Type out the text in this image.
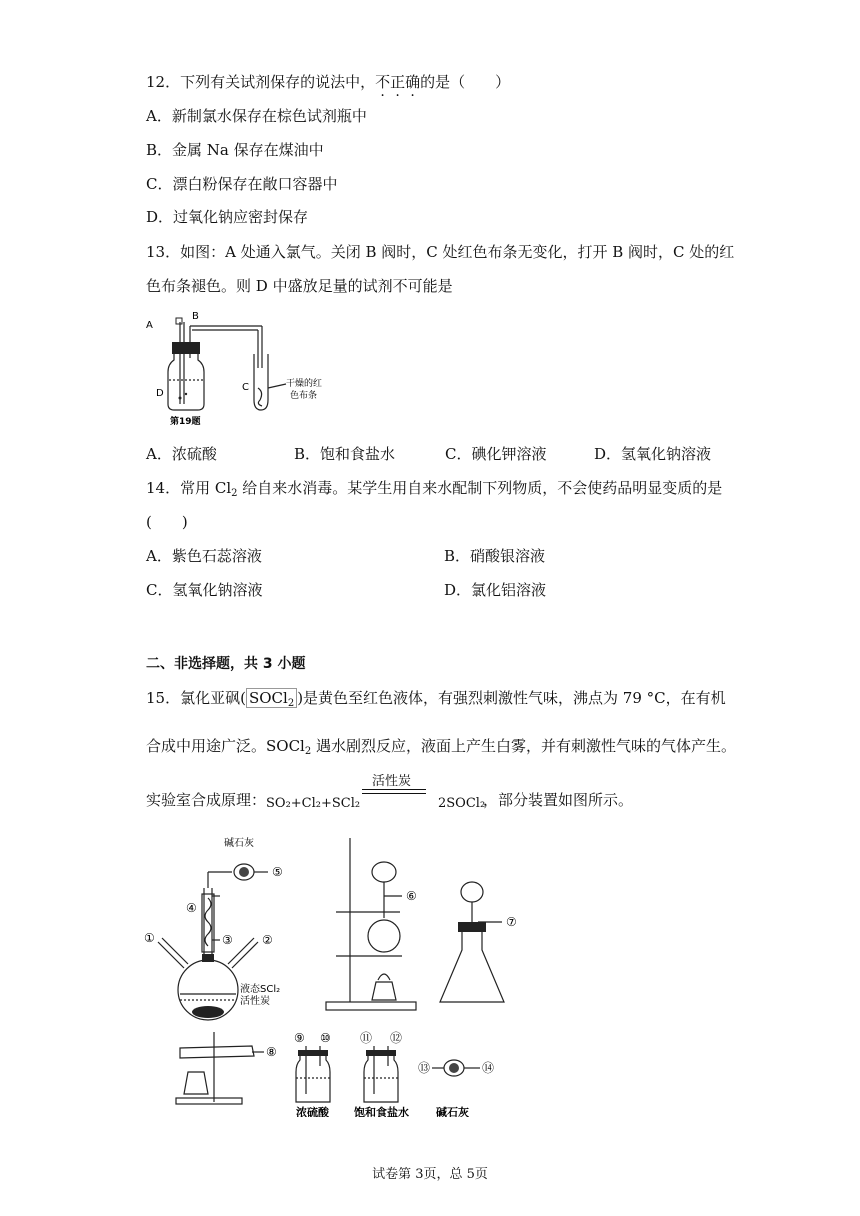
12．下列有关试剂保存的说法中，不正确的是（　　）
A．新制氯水保存在棕色试剂瓶中
B．金属 Na 保存在煤油中
C．漂白粉保存在敞口容器中
D．过氧化钠应密封保存
13．如图：A 处通入氯气。关闭 B 阀时，C 处红色布条无变化，打开 B 阀时，C 处的红
色布条褪色。则 D 中盛放足量的试剂不可能是
A
B
C
D
干燥的红
色布条
第19题
A．浓硫酸	B．饱和食盐水	C．碘化钾溶液	D．氢氧化钠溶液
14．常用 $Cl_2$ 给自来水消毒。某学生用自来水配制下列物质，不会使药品明显变质的是
(　　)
A．紫色石蕊溶液	B．硝酸银溶液
C．氢氧化钠溶液	D．氯化铝溶液
二、非选择题，共 3 小题
15．氯化亚砜( SOCl$_2$ )是黄色至红色液体，有强烈刺激性气味，沸点为 79 °C，在有机
合成中用途广泛。SOCl$_2$ 遇水剧烈反应，液面上产生白雾，并有刺激性气味的气体产生。
实验室合成原理： SO₂+Cl₂+SCl₂
活性炭
2SOCl₂
，部分装置如图所示。
碱石灰
⑤
④
①	③ ②
液态SCl₂
活性炭
⑥
⑦
⑧
⑨ ⑩ ⑪ ⑫
⑬	⑭
浓硫酸 饱和食盐水 碱石灰
试卷第 3页，总 5页
